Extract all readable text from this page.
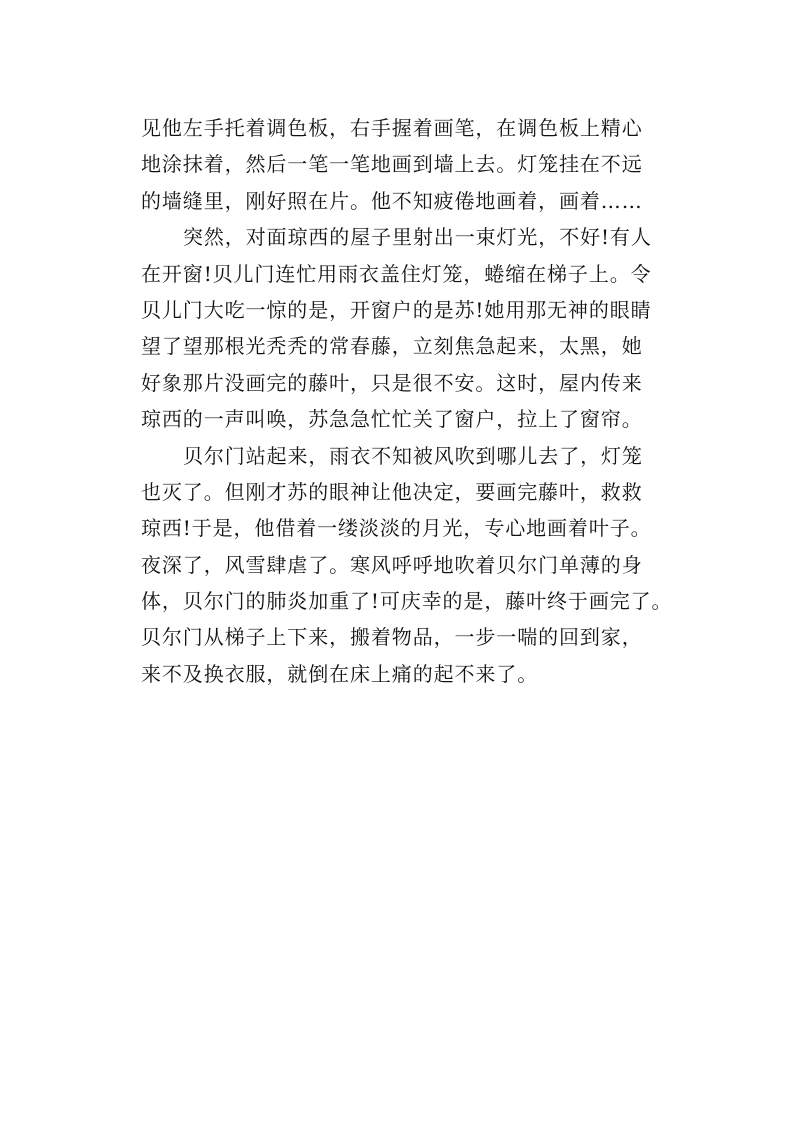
见他左手托着调色板，右手握着画笔，在调色板上精心
地涂抹着，然后一笔一笔地画到墙上去。灯笼挂在不远
的墙缝里，刚好照在片。他不知疲倦地画着，画着……
突然，对面琼西的屋子里射出一束灯光，不好!有人
在开窗!贝儿门连忙用雨衣盖住灯笼，蜷缩在梯子上。令
贝儿门大吃一惊的是，开窗户的是苏!她用那无神的眼睛
望了望那根光秃秃的常春藤，立刻焦急起来，太黑，她
好象那片没画完的藤叶，只是很不安。这时，屋内传来
琼西的一声叫唤，苏急急忙忙关了窗户，拉上了窗帘。
贝尔门站起来，雨衣不知被风吹到哪儿去了，灯笼
也灭了。但刚才苏的眼神让他决定，要画完藤叶，救救
琼西!于是，他借着一缕淡淡的月光，专心地画着叶子。
夜深了，风雪肆虐了。寒风呼呼地吹着贝尔门单薄的身
体，贝尔门的肺炎加重了!可庆幸的是，藤叶终于画完了。
贝尔门从梯子上下来，搬着物品，一步一喘的回到家，
来不及换衣服，就倒在床上痛的起不来了。
